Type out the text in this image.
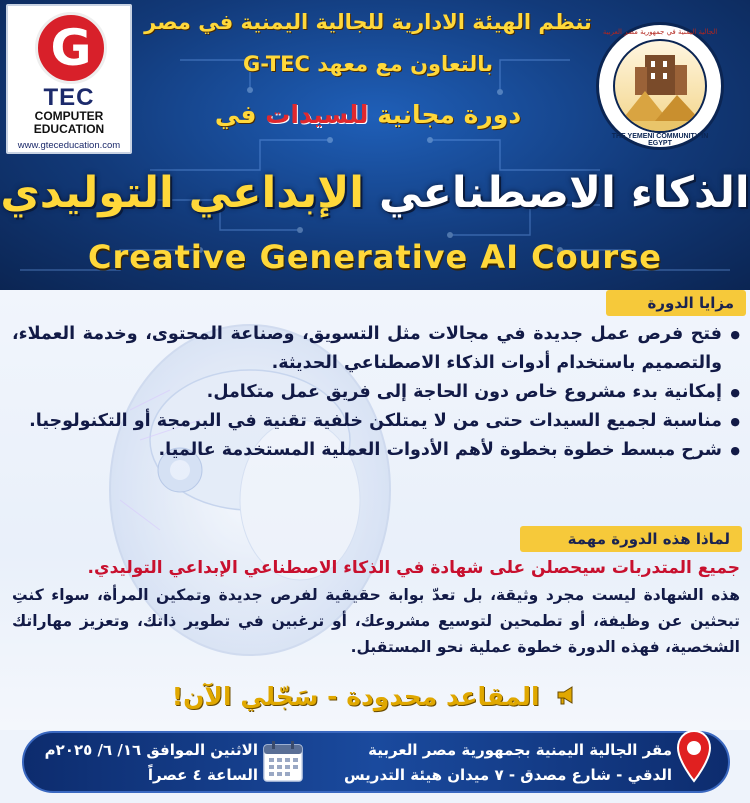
G
TEC
COMPUTER
EDUCATION
www.gteceducation.com
الجالية اليمنية في جمهورية مصر العربية
THE YEMENI COMMUNITY IN EGYPT
تنظم الهيئة الادارية للجالية اليمنية في مصر
بالتعاون مع معهد G-TEC
دورة مجانية للسيدات في
الذكاء الاصطناعي الإبداعي التوليدي
Creative Generative AI Course
مزايا الدورة
● فتح فرص عمل جديدة في مجالات مثل التسويق، وصناعة المحتوى، وخدمة العملاء، والتصميم باستخدام أدوات الذكاء الاصطناعي الحديثة.
● إمكانية بدء مشروع خاص دون الحاجة إلى فريق عمل متكامل.
● مناسبة لجميع السيدات حتى من لا يمتلكن خلفية تقنية في البرمجة أو التكنولوجيا.
● شرح مبسط خطوة بخطوة لأهم الأدوات العملية المستخدمة عالميا.
لماذا هذه الدورة مهمة
جميع المتدربات سيحصلن على شهادة في الذكاء الاصطناعي الإبداعي التوليدي.
هذه الشهادة ليست مجرد وثيقة، بل تعدّ بوابة حقيقية لفرص جديدة وتمكين المرأة، سواء كنتِ تبحثين عن وظيفة، أو تطمحين لتوسيع مشروعك، أو ترغبين في تطوير ذاتك، وتعزيز مهاراتك الشخصية، فهذه الدورة خطوة عملية نحو المستقبل.
المقاعد محدودة - سَجّلي الآن!
مقر الجالية اليمنية بجمهورية مصر العربية
الدقي - شارع مصدق - ٧ ميدان هيئة التدريس
الاثنين الموافق ١٦/ ٦/ ٢٠٢٥م
الساعة ٤ عصراً
